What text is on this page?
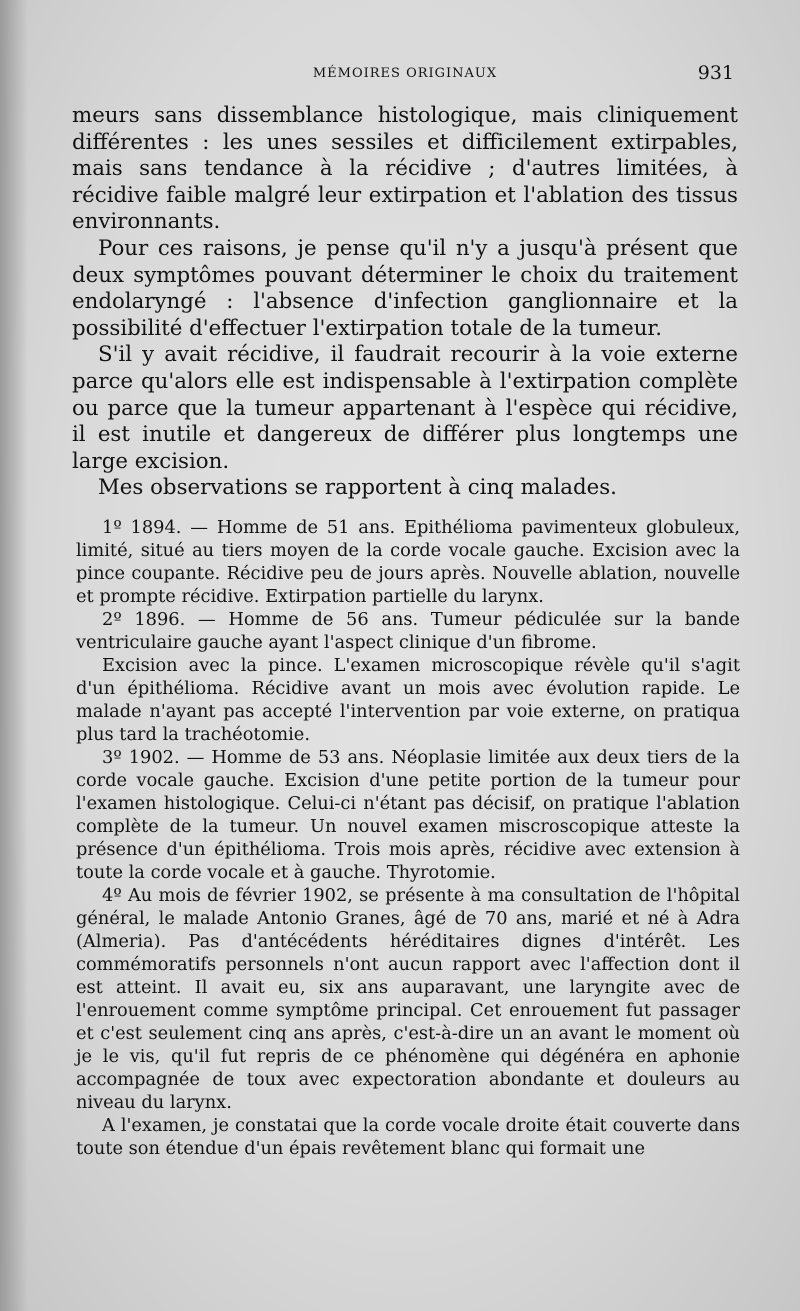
MÉMOIRES ORIGINAUX	931

meurs sans dissemblance histologique, mais cliniquement différentes : les unes sessiles et difficilement extirpables, mais sans tendance à la récidive ; d'autres limitées, à récidive faible malgré leur extirpation et l'ablation des tissus environnants.

Pour ces raisons, je pense qu'il n'y a jusqu'à présent que deux symptômes pouvant déterminer le choix du traitement endolaryngé : l'absence d'infection ganglionnaire et la possibilité d'effectuer l'extirpation totale de la tumeur.

S'il y avait récidive, il faudrait recourir à la voie externe parce qu'alors elle est indispensable à l'extirpation complète ou parce que la tumeur appartenant à l'espèce qui récidive, il est inutile et dangereux de différer plus longtemps une large excision.

Mes observations se rapportent à cinq malades.

1º 1894. — Homme de 51 ans. Epithélioma pavimenteux globuleux, limité, situé au tiers moyen de la corde vocale gauche. Excision avec la pince coupante. Récidive peu de jours après. Nouvelle ablation, nouvelle et prompte récidive. Extirpation partielle du larynx.

2º 1896. — Homme de 56 ans. Tumeur pédiculée sur la bande ventriculaire gauche ayant l'aspect clinique d'un fibrome.

Excision avec la pince. L'examen microscopique révèle qu'il s'agit d'un épithélioma. Récidive avant un mois avec évolution rapide. Le malade n'ayant pas accepté l'intervention par voie externe, on pratiqua plus tard la trachéotomie.

3º 1902. — Homme de 53 ans. Néoplasie limitée aux deux tiers de la corde vocale gauche. Excision d'une petite portion de la tumeur pour l'examen histologique. Celui-ci n'étant pas décisif, on pratique l'ablation complète de la tumeur. Un nouvel examen miscroscopique atteste la présence d'un épithélioma. Trois mois après, récidive avec extension à toute la corde vocale et à gauche. Thyrotomie.

4º Au mois de février 1902, se présente à ma consultation de l'hôpital général, le malade Antonio Granes, âgé de 70 ans, marié et né à Adra (Almeria). Pas d'antécédents héréditaires dignes d'intérêt. Les commémoratifs personnels n'ont aucun rapport avec l'affection dont il est atteint. Il avait eu, six ans auparavant, une laryngite avec de l'enrouement comme symptôme principal. Cet enrouement fut passager et c'est seulement cinq ans après, c'est-à-dire un an avant le moment où je le vis, qu'il fut repris de ce phénomène qui dégénéra en aphonie accompagnée de toux avec expectoration abondante et douleurs au niveau du larynx.

A l'examen, je constatai que la corde vocale droite était couverte dans toute son étendue d'un épais revêtement blanc qui formait une
